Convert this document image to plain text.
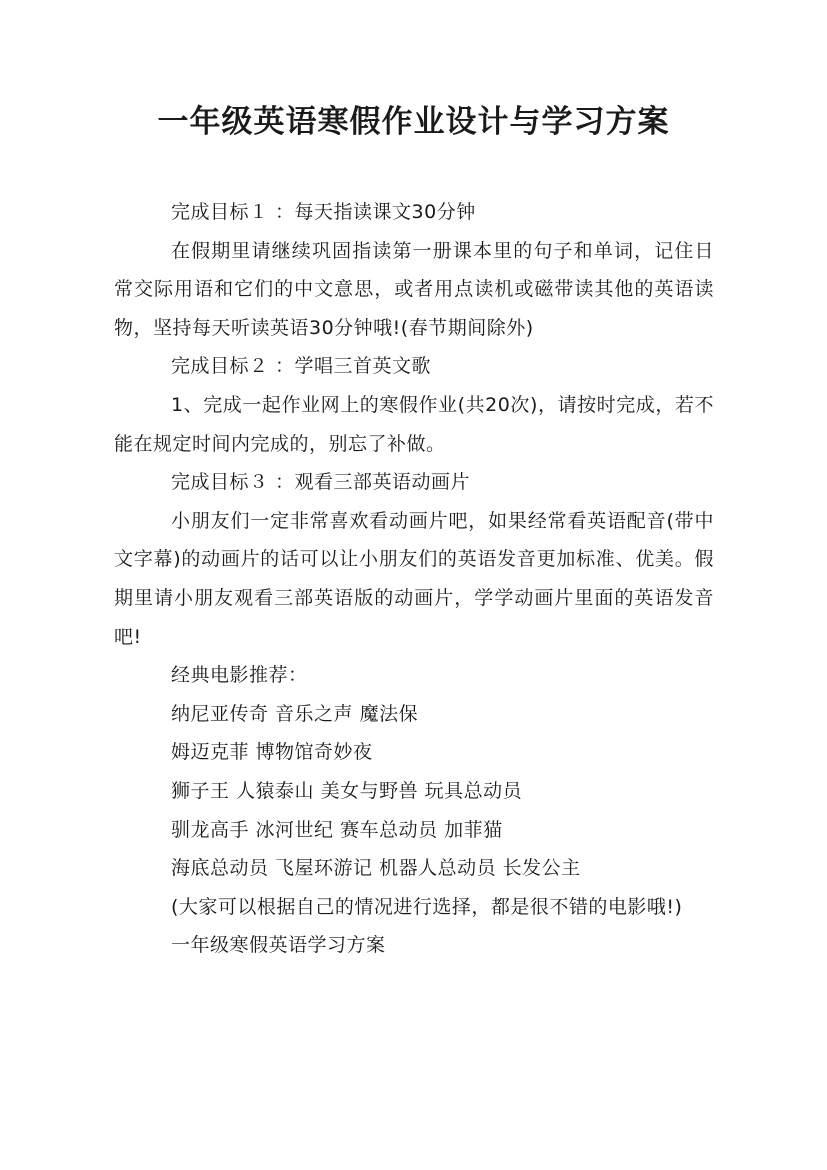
一年级英语寒假作业设计与学习方案

完成目标１ ：每天指读课文30分钟

在假期里请继续巩固指读第一册课本里的句子和单词，记住日常交际用语和它们的中文意思，或者用点读机或磁带读其他的英语读物，坚持每天听读英语30分钟哦!(春节期间除外)

完成目标２ ：学唱三首英文歌

1、完成一起作业网上的寒假作业(共20次)，请按时完成，若不能在规定时间内完成的，别忘了补做。

完成目标３ ：观看三部英语动画片

小朋友们一定非常喜欢看动画片吧，如果经常看英语配音(带中文字幕)的动画片的话可以让小朋友们的英语发音更加标准、优美。假期里请小朋友观看三部英语版的动画片，学学动画片里面的英语发音吧!

经典电影推荐：

纳尼亚传奇 音乐之声 魔法保

姆迈克菲 博物馆奇妙夜

狮子王 人猿泰山 美女与野兽 玩具总动员

驯龙高手 冰河世纪 赛车总动员 加菲猫

海底总动员 飞屋环游记 机器人总动员 长发公主

(大家可以根据自己的情况进行选择，都是很不错的电影哦!)

一年级寒假英语学习方案
